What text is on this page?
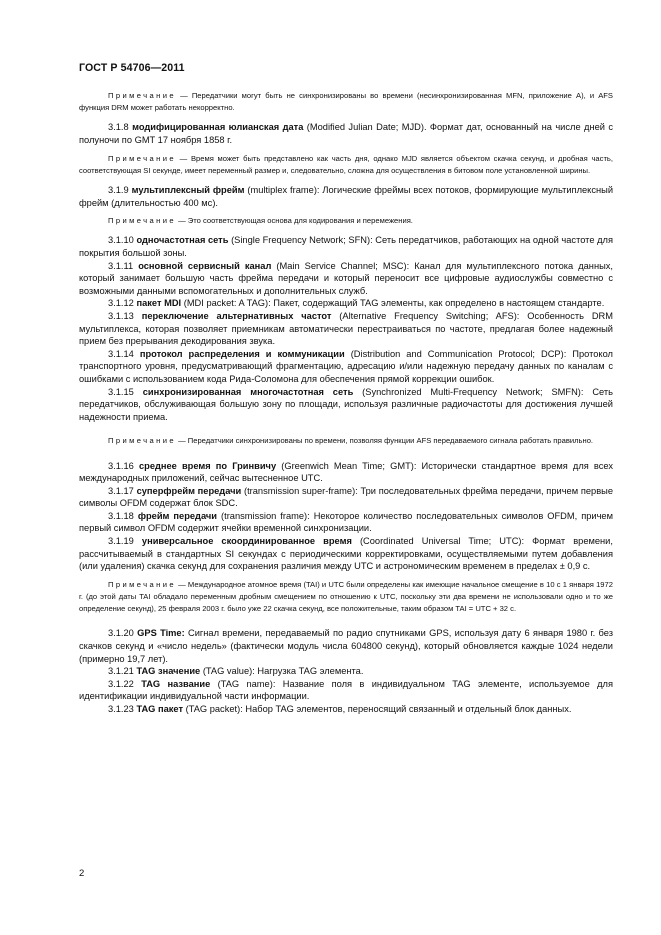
ГОСТ Р 54706—2011

Примечание — Передатчики могут быть не синхронизированы во времени (несинхронизированная MFN, приложение A), и AFS функция DRM может работать некорректно.

3.1.8 модифицированная юлианская дата (Modified Julian Date; MJD). Формат дат, основанный на числе дней с полуночи по GMT 17 ноября 1858 г.

Примечание — Время может быть представлено как часть дня, однако MJD является объектом скачка секунд, и дробная часть, соответствующая SI секунде, имеет переменный размер и, следовательно, сложна для осуществления в битовом поле установленной ширины.

3.1.9 мультиплексный фрейм (multiplex frame): Логические фреймы всех потоков, формирующие мультиплексный фрейм (длительностью 400 мс).

Примечание — Это соответствующая основа для кодирования и перемежения.

3.1.10 одночастотная сеть (Single Frequency Network; SFN): Сеть передатчиков, работающих на одной частоте для покрытия большой зоны.

3.1.11 основной сервисный канал (Main Service Channel; MSC): Канал для мультиплексного потока данных, который занимает большую часть фрейма передачи и который переносит все цифровые аудиослужбы совместно с возможными данными вспомогательных и дополнительных служб.

3.1.12 пакет MDI (MDI packet: A TAG): Пакет, содержащий TAG элементы, как определено в настоящем стандарте.

3.1.13 переключение альтернативных частот (Alternative Frequency Switching; AFS): Особенность DRM мультиплекса, которая позволяет приемникам автоматически перестраиваться по частоте, предлагая более надежный прием без прерывания декодирования звука.

3.1.14 протокол распределения и коммуникации (Distribution and Communication Protocol; DCP): Протокол транспортного уровня, предусматривающий фрагментацию, адресацию и/или надежную передачу данных по каналам с ошибками с использованием кода Рида-Соломона для обеспечения прямой коррекции ошибок.

3.1.15 синхронизированная многочастотная сеть (Synchronized Multi-Frequency Network; SMFN): Сеть передатчиков, обслуживающая большую зону по площади, используя различные радиочастоты для достижения лучшей надежности приема.

Примечание — Передатчики синхронизированы по времени, позволяя функции AFS передаваемого сигнала работать правильно.

3.1.16 среднее время по Гринвичу (Greenwich Mean Time; GMT): Исторически стандартное время для всех международных приложений, сейчас вытесненное UTC.

3.1.17 суперфрейм передачи (transmission super-frame): Три последовательных фрейма передачи, причем первые символы OFDM содержат блок SDC.

3.1.18 фрейм передачи (transmission frame): Некоторое количество последовательных символов OFDM, причем первый символ OFDM содержит ячейки временной синхронизации.

3.1.19 универсальное скоординированное время (Coordinated Universal Time; UTC): Формат времени, рассчитываемый в стандартных SI секундах с периодическими корректировками, осуществляемыми путем добавления (или удаления) скачка секунд для сохранения различия между UTC и астрономическим временем в пределах ± 0,9 с.

Примечание — Международное атомное время (TAI) и UTC были определены как имеющие начальное смещение в 10 с 1 января 1972 г. (до этой даты TAI обладало переменным дробным смещением по отношению к UTC, поскольку эти два времени не использовали одно и то же определение секунд), 25 февраля 2003 г. было уже 22 скачка секунд, все положительные, таким образом TAI = UTC + 32 с.

3.1.20 GPS Time: Сигнал времени, передаваемый по радио спутниками GPS, используя дату 6 января 1980 г. без скачков секунд и «число недель» (фактически модуль числа 604800 секунд), который обновляется каждые 1024 недели (примерно 19,7 лет).

3.1.21 TAG значение (TAG value): Нагрузка TAG элемента.

3.1.22 TAG название (TAG name): Название поля в индивидуальном TAG элементе, используемое для идентификации индивидуальной части информации.

3.1.23 TAG пакет (TAG packet): Набор TAG элементов, переносящий связанный и отдельный блок данных.

2
